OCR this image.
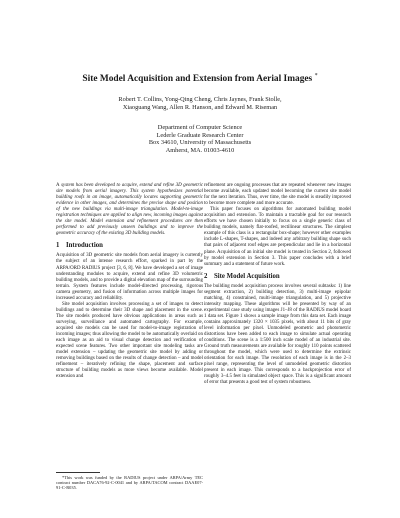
Site Model Acquisition and Extension from Aerial Images *
Robert T. Collins, Yong-Qing Cheng, Chris Jaynes, Frank Stolle,
Xiaoguang Wang, Allen R. Hanson, and Edward M. Riseman
Department of Computer Science
Lederle Graduate Research Center
Box 34610, University of Massachusetts
Amherst, MA. 01003-4610

A system has been developed to acquire, extend and refine 3D geometric site models from aerial imagery. This system hypothesizes potential building roofs in an image, automatically locates supporting geometric evidence in other images, and determines the precise shape and position of the new buildings via multi-image triangulation. Model-to-image registration techniques are applied to align new, incoming images against the site model. Model extension and refinement procedures are then performed to add previously unseen buildings and to improve the geometric accuracy of the existing 3D building models.

1 Introduction

Acquisition of 3D geometric site models from aerial imagery is currently the subject of an intense research effort, sparked in part by the ARPA/ORD RADIUS project [3, 6, 8]. We have developed a set of image understanding modules to acquire, extend and refine 3D volumetric building models, and to provide a digital elevation map of the surrounding terrain. System features include model-directed processing, rigorous camera geometry, and fusion of information across multiple images for increased accuracy and reliability.

Site model acquisition involves processing a set of images to detect buildings and to determine their 3D shape and placement in the scene. The site models produced have obvious applications in areas such as surveying, surveillance and automated cartography. For example, acquired site models can be used for model-to-image registration of incoming images; thus allowing the model to be automatically overlaid on each image as an aid to visual change detection and verification of expected scene features. Two other important site modeling tasks are model extension – updating the geometric site model by adding or removing buildings based on the results of change detection – and model refinement – iteratively refining the shape, placement and surface structure of building models as more views become available. Model extension and

*This work was funded by the RADIUS project under ARPA/Army TEC contract number DACA76-92-C-0041 and by ARPA/TACOM contract DAAE07-91-C-R035.

refinement are ongoing processes that are repeated whenever new images become available, each updated model becoming the current site model for the next iteration. Thus, over time, the site model is steadily improved to become more complete and more accurate.

This paper focuses on algorithms for automated building model acquisition and extension. To maintain a tractable goal for our research efforts we have chosen initially to focus on a single generic class of building models, namely flat-roofed, rectilinear structures. The simplest example of this class is a rectangular box-shape; however other examples include L-shapes, T-shapes, and indeed any arbitrary building shape such that pairs of adjacent roof edges are perpendicular and lie in a horizontal plane. Acquisition of an initial site model is treated in Section 2, followed by model extension in Section 3. This paper concludes with a brief summary and a statement of future work.

2 Site Model Acquisition

The building model acquisition process involves several subtasks: 1) line segment extraction, 2) building detection, 3) multi-image epipolar matching, 4) constrained, multi-image triangulation, and 5) projective intensity mapping. These algorithms will be presented by way of an experimental case study using images J1–J8 of the RADIUS model board 1 data set. Figure 1 shows a sample image from this data set. Each image contains approximately 1320 × 1035 pixels, with about 11 bits of gray level information per pixel. Unmodeled geometric and photometric distortions have been added to each image to simulate actual operating conditions. The scene is a 1:500 inch scale model of an industrial site. Ground truth measurements are available for roughly 110 points scattered throughout the model, which were used to determine the extrinsic orientation for each image. The resolution of each image is in the 2–3 pixel range, representing the level of unmodeled geometric distortion present in each image. This corresponds to a backprojection error of roughly 3–4.5 feet in simulated object space. This is a significant amount of error that presents a good test of system robustness.
